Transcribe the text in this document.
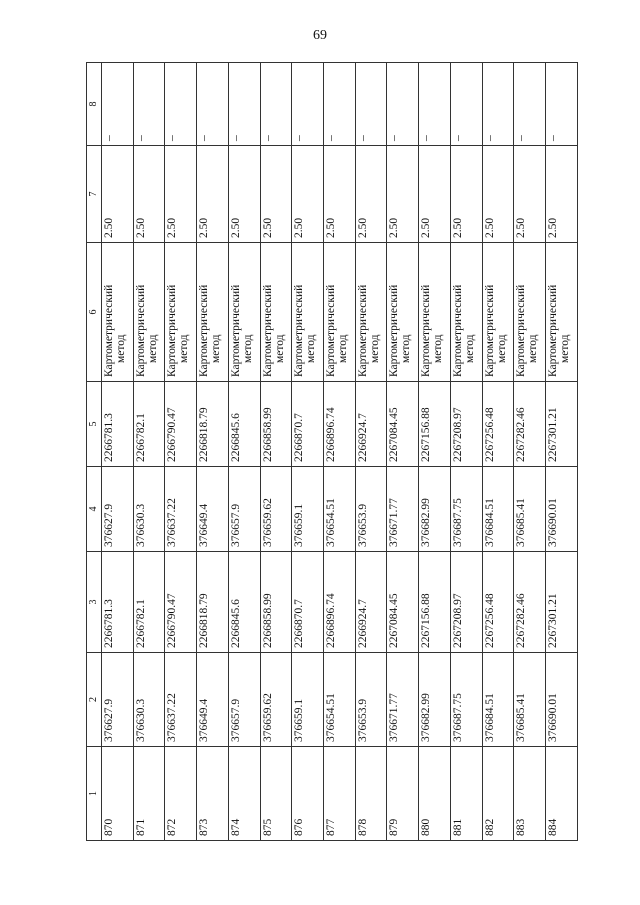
69
1	2	3	4	5	6	7	8
870	376627.9	2266781.3	376627.9	2266781.3	Картометрический метод	2.50	–
871	376630.3	2266782.1	376630.3	2266782.1	Картометрический метод	2.50	–
872	376637.22	2266790.47	376637.22	2266790.47	Картометрический метод	2.50	–
873	376649.4	2266818.79	376649.4	2266818.79	Картометрический метод	2.50	–
874	376657.9	2266845.6	376657.9	2266845.6	Картометрический метод	2.50	–
875	376659.62	2266858.99	376659.62	2266858.99	Картометрический метод	2.50	–
876	376659.1	2266870.7	376659.1	2266870.7	Картометрический метод	2.50	–
877	376654.51	2266896.74	376654.51	2266896.74	Картометрический метод	2.50	–
878	376653.9	2266924.7	376653.9	2266924.7	Картометрический метод	2.50	–
879	376671.77	2267084.45	376671.77	2267084.45	Картометрический метод	2.50	–
880	376682.99	2267156.88	376682.99	2267156.88	Картометрический метод	2.50	–
881	376687.75	2267208.97	376687.75	2267208.97	Картометрический метод	2.50	–
882	376684.51	2267256.48	376684.51	2267256.48	Картометрический метод	2.50	–
883	376685.41	2267282.46	376685.41	2267282.46	Картометрический метод	2.50	–
884	376690.01	2267301.21	376690.01	2267301.21	Картометрический метод	2.50	–
